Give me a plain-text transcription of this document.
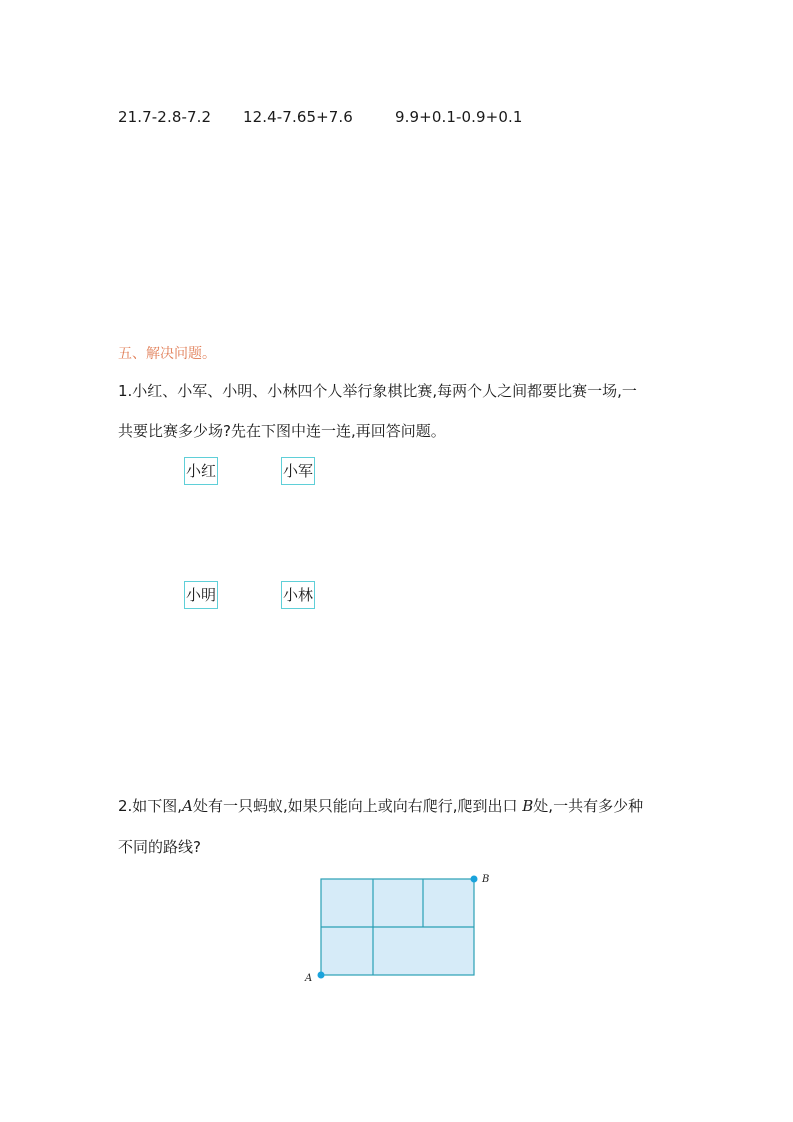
21.7-2.8-7.2 12.4-7.65+7.6	9.9+0.1-0.9+0.1
五、解决问题。
1.小红、小军、小明、小林四个人举行象棋比赛,每两个人之间都要比赛一场,一
共要比赛多少场?先在下图中连一连,再回答问题。
小红	小军
小明	小林
2.如下图,A处有一只蚂蚁,如果只能向上或向右爬行,爬到出口 B处,一共有多少种
不同的路线?
A
B
